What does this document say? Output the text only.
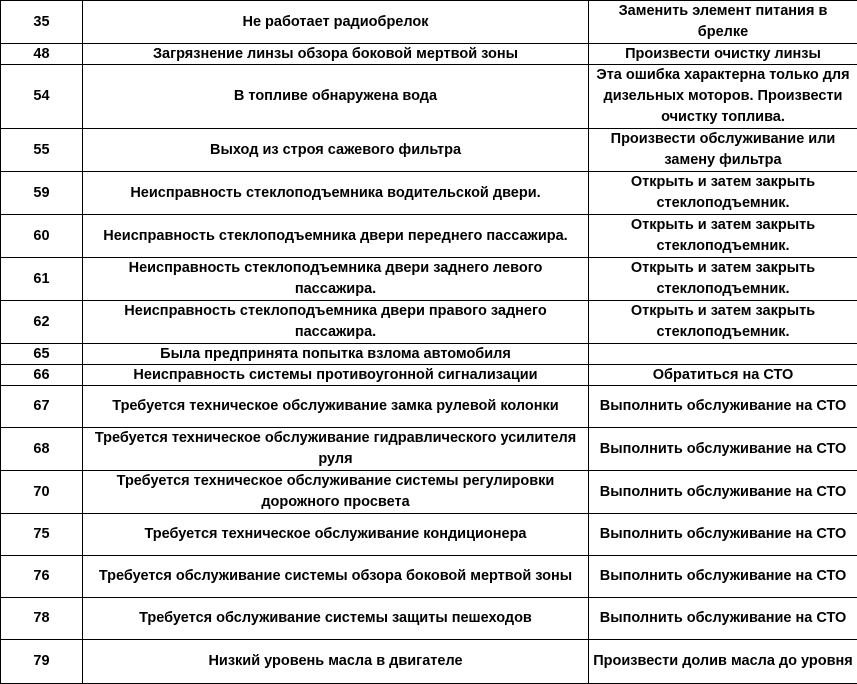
35	Не работает радиобрелок	Заменить элемент питания в брелке
48	Загрязнение линзы обзора боковой мертвой зоны	Произвести очистку линзы
54	В топливе обнаружена вода	Эта ошибка характерна только для дизельных моторов. Произвести очистку топлива.
55	Выход из строя сажевого фильтра	Произвести обслуживание или замену фильтра
59	Неисправность стеклоподъемника водительской двери.	Открыть и затем закрыть стеклоподъемник.
60	Неисправность стеклоподъемника двери переднего пассажира.	Открыть и затем закрыть стеклоподъемник.
61	Неисправность стеклоподъемника двери заднего левого пассажира.	Открыть и затем закрыть стеклоподъемник.
62	Неисправность стеклоподъемника двери правого заднего пассажира.	Открыть и затем закрыть стеклоподъемник.
65	Была предпринята попытка взлома автомобиля	
66	Неисправность системы противоугонной сигнализации	Обратиться на СТО
67	Требуется техническое обслуживание замка рулевой колонки	Выполнить обслуживание на СТО
68	Требуется техническое обслуживание гидравлического усилителя руля	Выполнить обслуживание на СТО
70	Требуется техническое обслуживание системы регулировки дорожного просвета	Выполнить обслуживание на СТО
75	Требуется техническое обслуживание кондиционера	Выполнить обслуживание на СТО
76	Требуется обслуживание системы обзора боковой мертвой зоны	Выполнить обслуживание на СТО
78	Требуется обслуживание системы защиты пешеходов	Выполнить обслуживание на СТО
79	Низкий уровень масла в двигателе	Произвести долив масла до уровня
